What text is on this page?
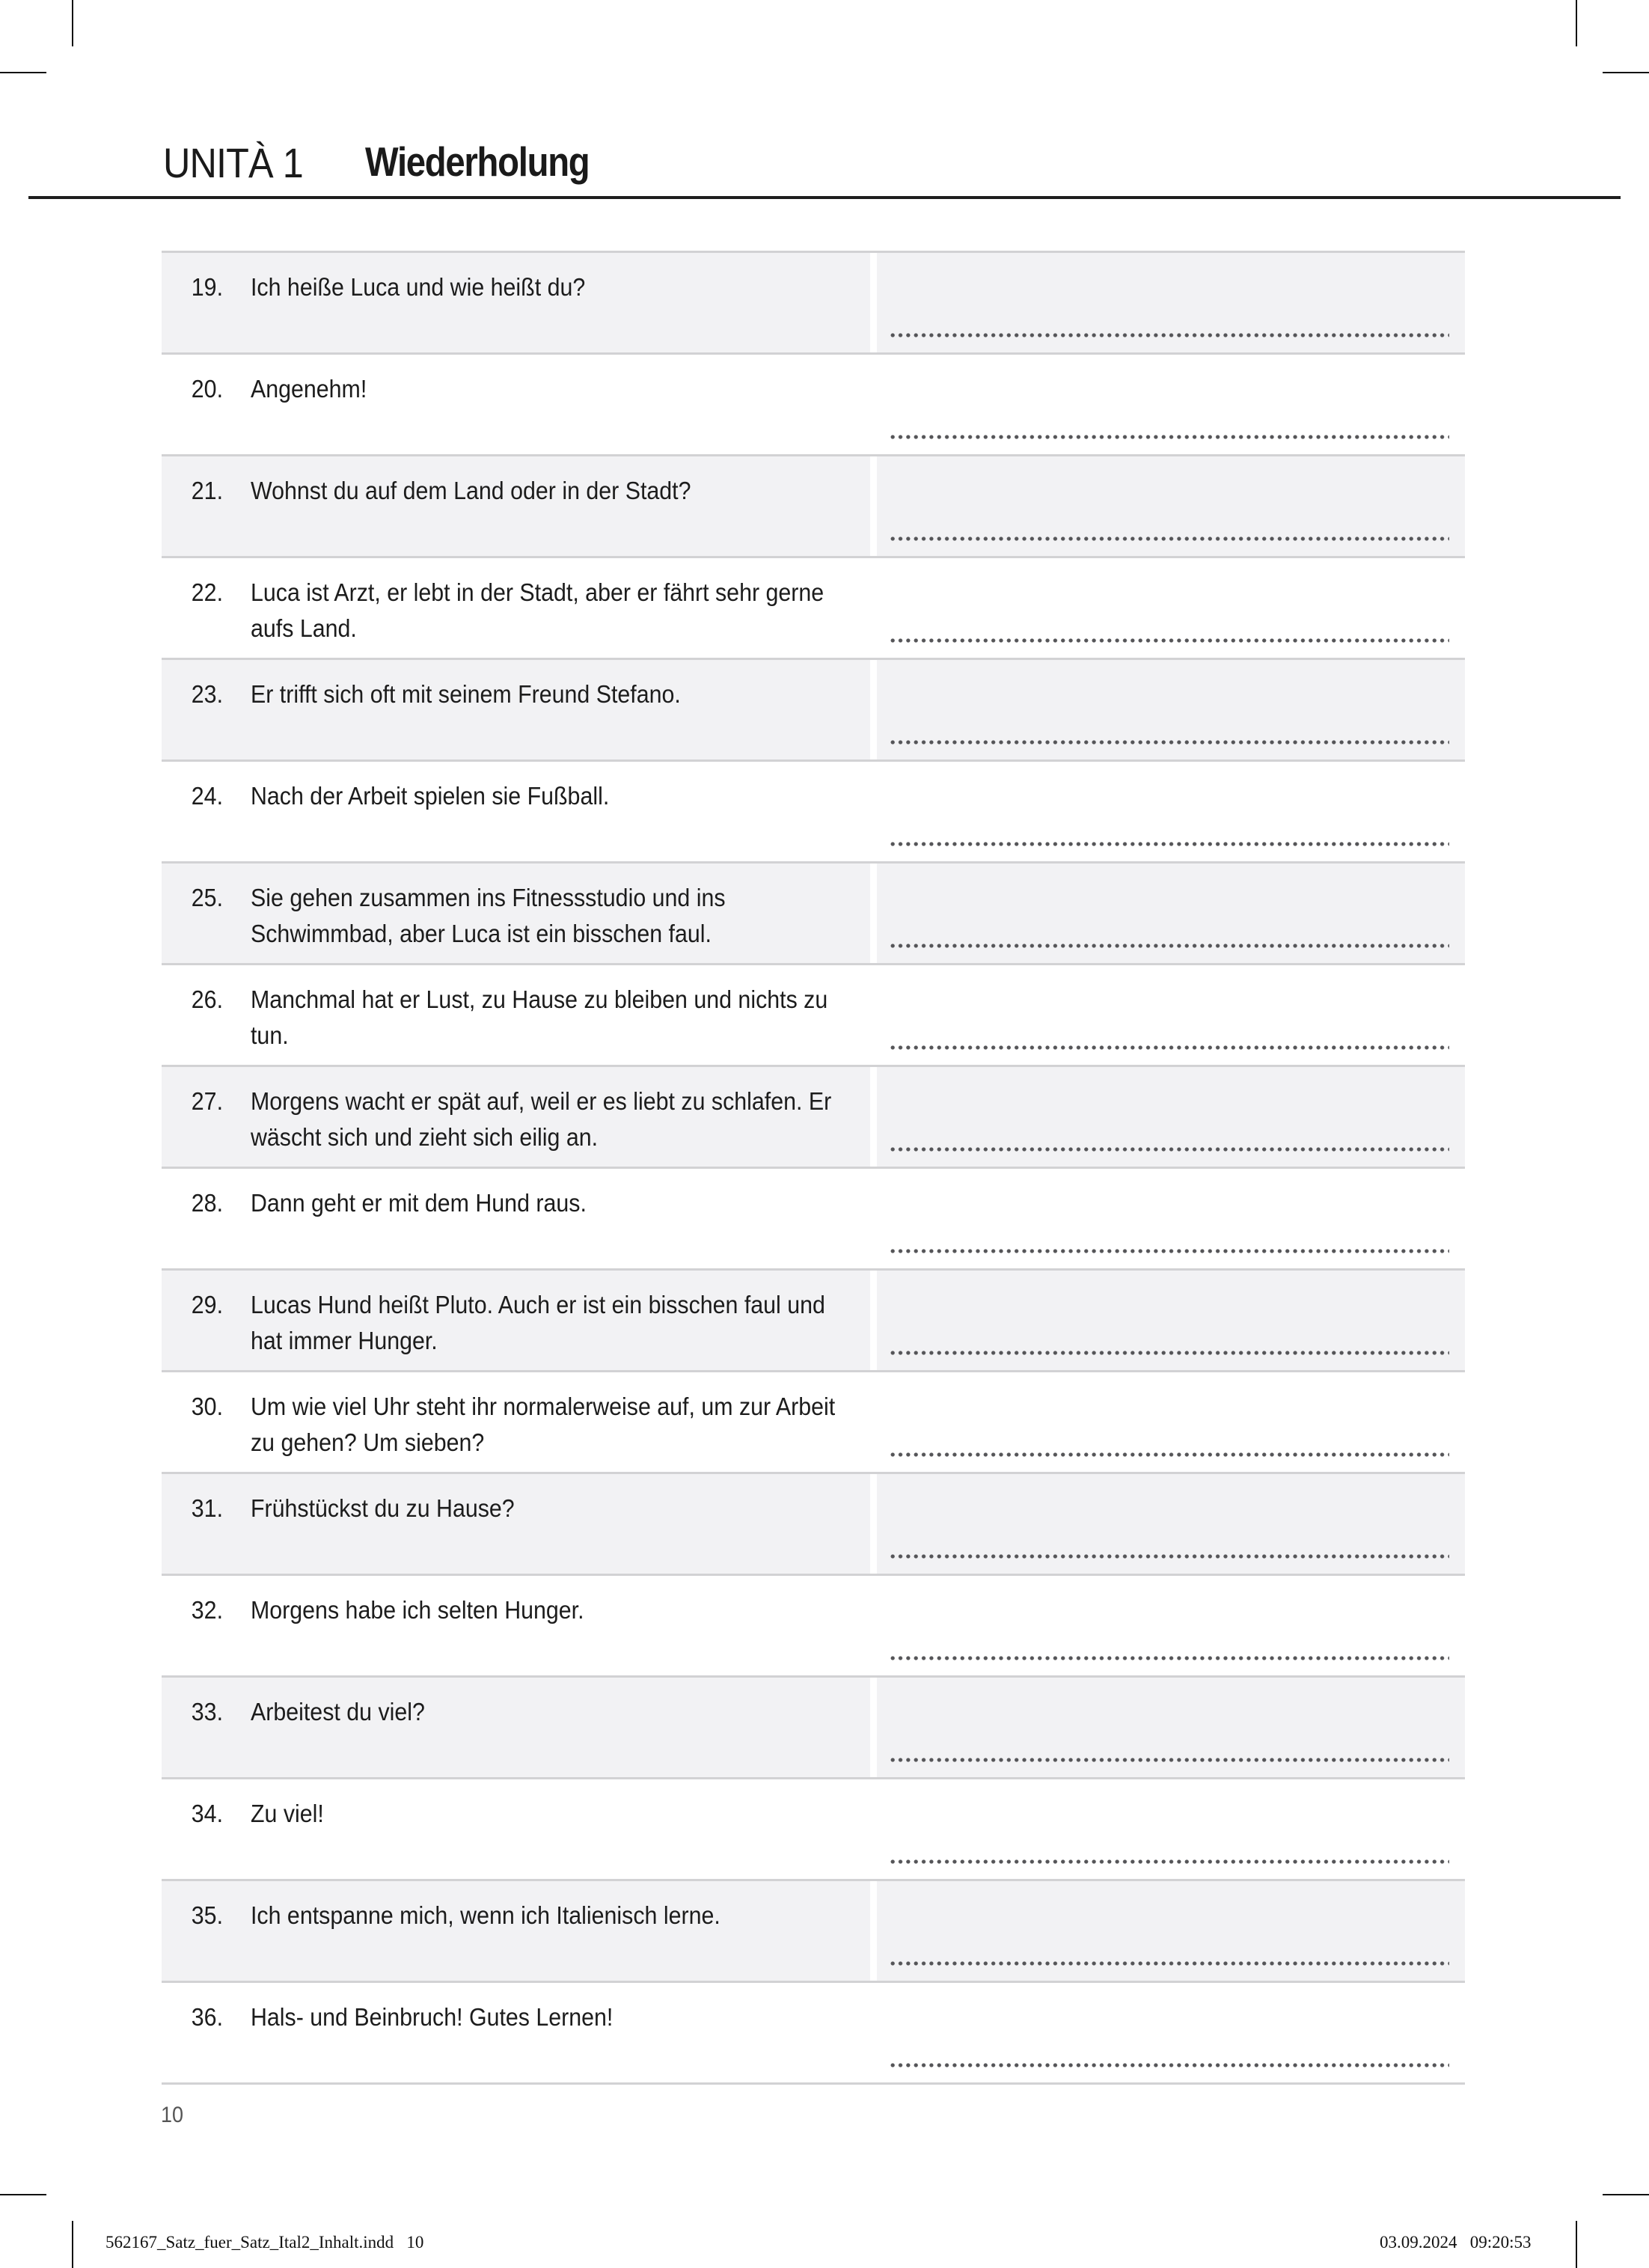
UNITÀ 1 Wiederholung
19. Ich heiße Luca und wie heißt du?
20. Angenehm!
21. Wohnst du auf dem Land oder in der Stadt?
22. Luca ist Arzt, er lebt in der Stadt, aber er fährt sehr gerne aufs Land.
23. Er trifft sich oft mit seinem Freund Stefano.
24. Nach der Arbeit spielen sie Fußball.
25. Sie gehen zusammen ins Fitnessstudio und ins Schwimmbad, aber Luca ist ein bisschen faul.
26. Manchmal hat er Lust, zu Hause zu bleiben und nichts zu tun.
27. Morgens wacht er spät auf, weil er es liebt zu schlafen. Er wäscht sich und zieht sich eilig an.
28. Dann geht er mit dem Hund raus.
29. Lucas Hund heißt Pluto. Auch er ist ein bisschen faul und hat immer Hunger.
30. Um wie viel Uhr steht ihr normalerweise auf, um zur Arbeit zu gehen? Um sieben?
31. Frühstückst du zu Hause?
32. Morgens habe ich selten Hunger.
33. Arbeitest du viel?
34. Zu viel!
35. Ich entspanne mich, wenn ich Italienisch lerne.
36. Hals- und Beinbruch! Gutes Lernen!
10
562167_Satz_fuer_Satz_Ital2_Inhalt.indd   10	03.09.2024   09:20:53
